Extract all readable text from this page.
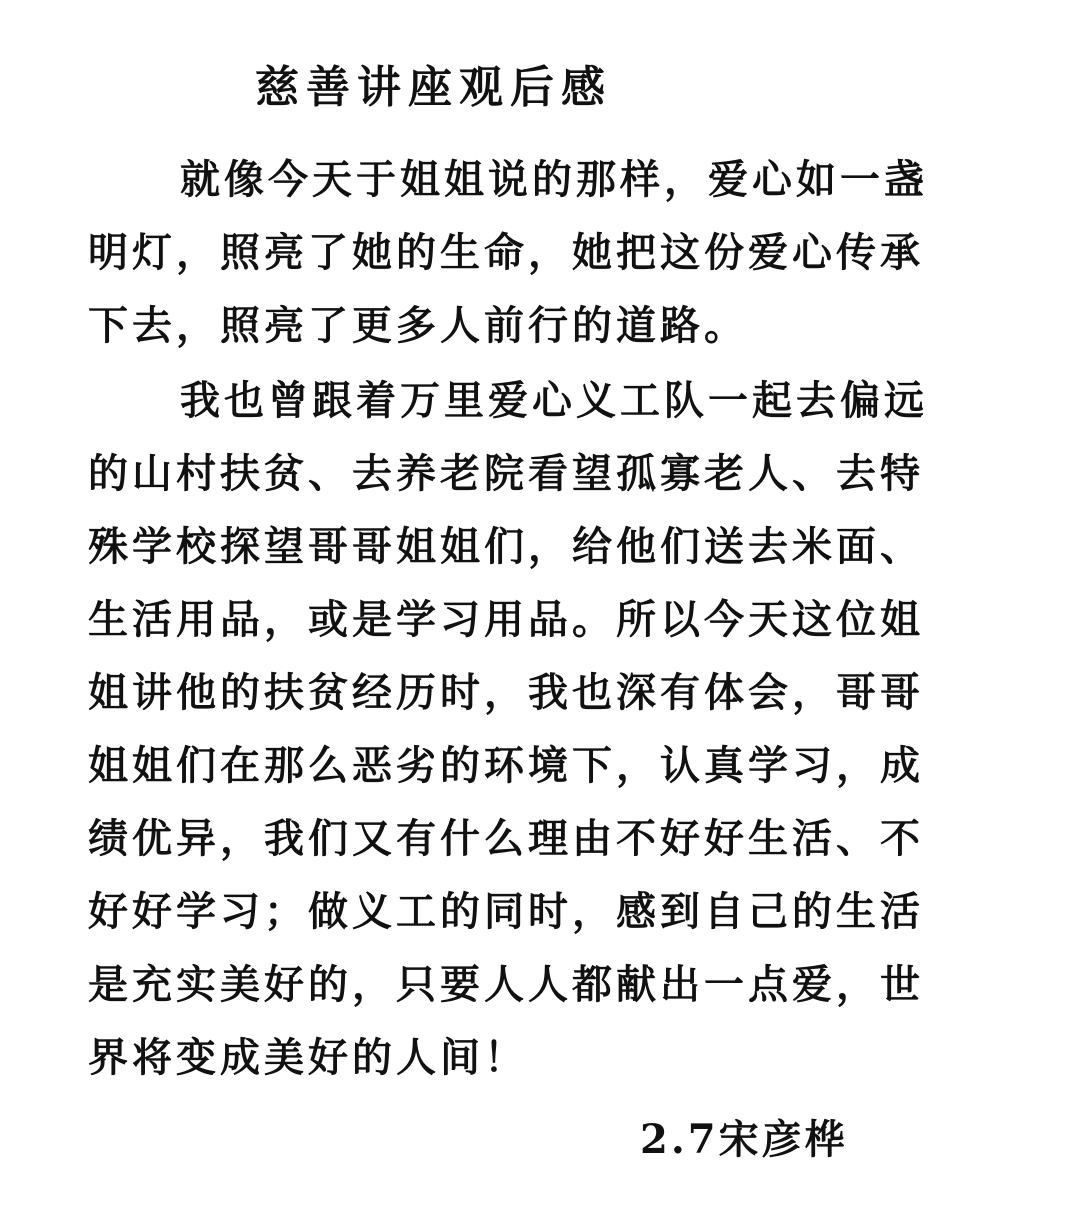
慈善讲座观后感
就像今天于姐姐说的那样，爱心如一盏
明灯，照亮了她的生命，她把这份爱心传承
下去，照亮了更多人前行的道路。
我也曾跟着万里爱心义工队一起去偏远
的山村扶贫、去养老院看望孤寡老人、去特
殊学校探望哥哥姐姐们，给他们送去米面、
生活用品，或是学习用品。所以今天这位姐
姐讲他的扶贫经历时，我也深有体会，哥哥
姐姐们在那么恶劣的环境下，认真学习，成
绩优异，我们又有什么理由不好好生活、不
好好学习；做义工的同时，感到自己的生活
是充实美好的，只要人人都献出一点爱，世
界将变成美好的人间！
2.7宋彦桦
